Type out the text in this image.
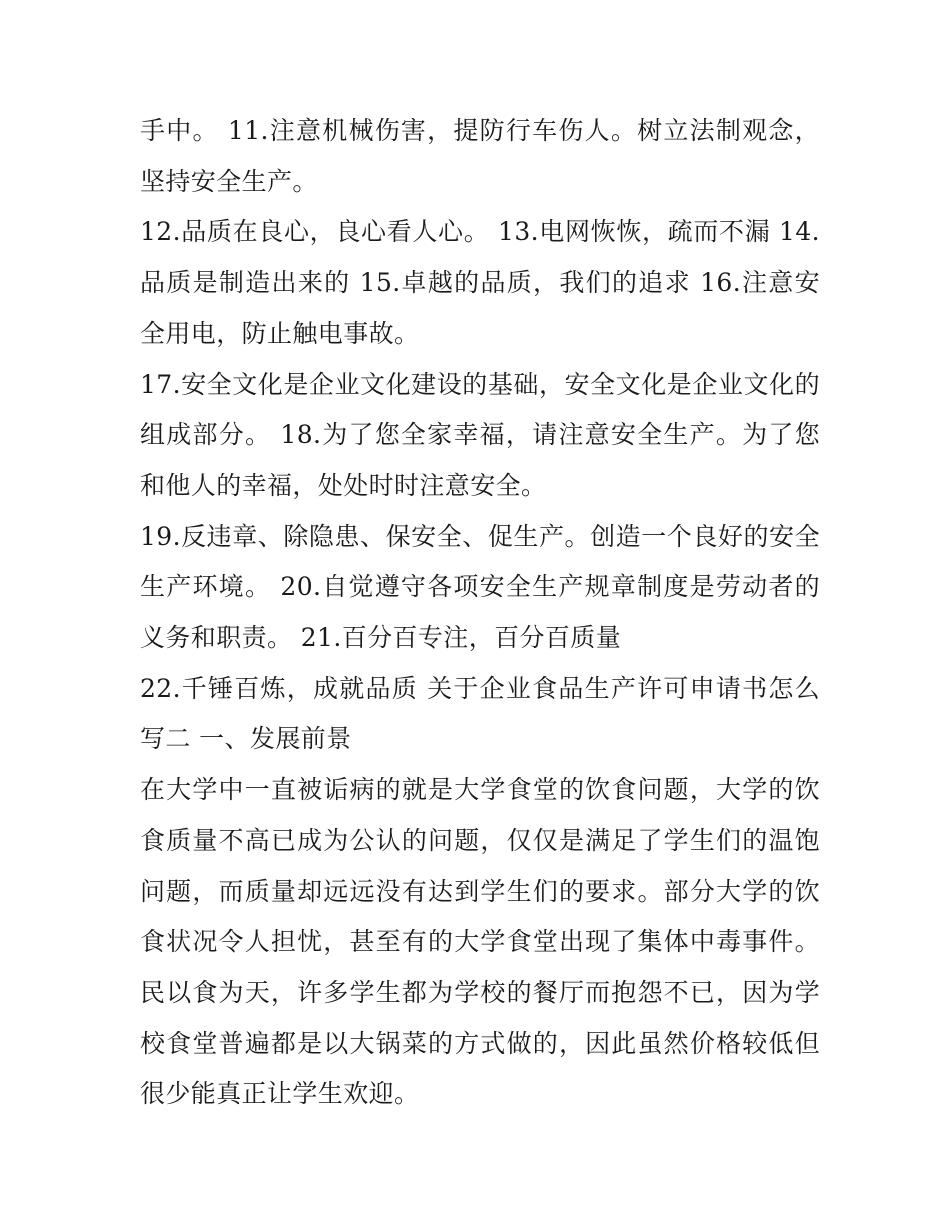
手中。 11.注意机械伤害，提防行车伤人。树立法制观念，坚持安全生产。

12.品质在良心，良心看人心。 13.电网恢恢，疏而不漏 14.品质是制造出来的 15.卓越的品质，我们的追求 16.注意安全用电，防止触电事故。

17.安全文化是企业文化建设的基础，安全文化是企业文化的组成部分。 18.为了您全家幸福，请注意安全生产。为了您和他人的幸福，处处时时注意安全。

19.反违章、除隐患、保安全、促生产。创造一个良好的安全生产环境。 20.自觉遵守各项安全生产规章制度是劳动者的义务和职责。 21.百分百专注，百分百质量

22.千锤百炼，成就品质 关于企业食品生产许可申请书怎么写二 一、发展前景

在大学中一直被诟病的就是大学食堂的饮食问题，大学的饮食质量不高已成为公认的问题，仅仅是满足了学生们的温饱问题，而质量却远远没有达到学生们的要求。部分大学的饮食状况令人担忧，甚至有的大学食堂出现了集体中毒事件。民以食为天，许多学生都为学校的餐厅而抱怨不已，因为学校食堂普遍都是以大锅菜的方式做的，因此虽然价格较低但很少能真正让学生欢迎。
